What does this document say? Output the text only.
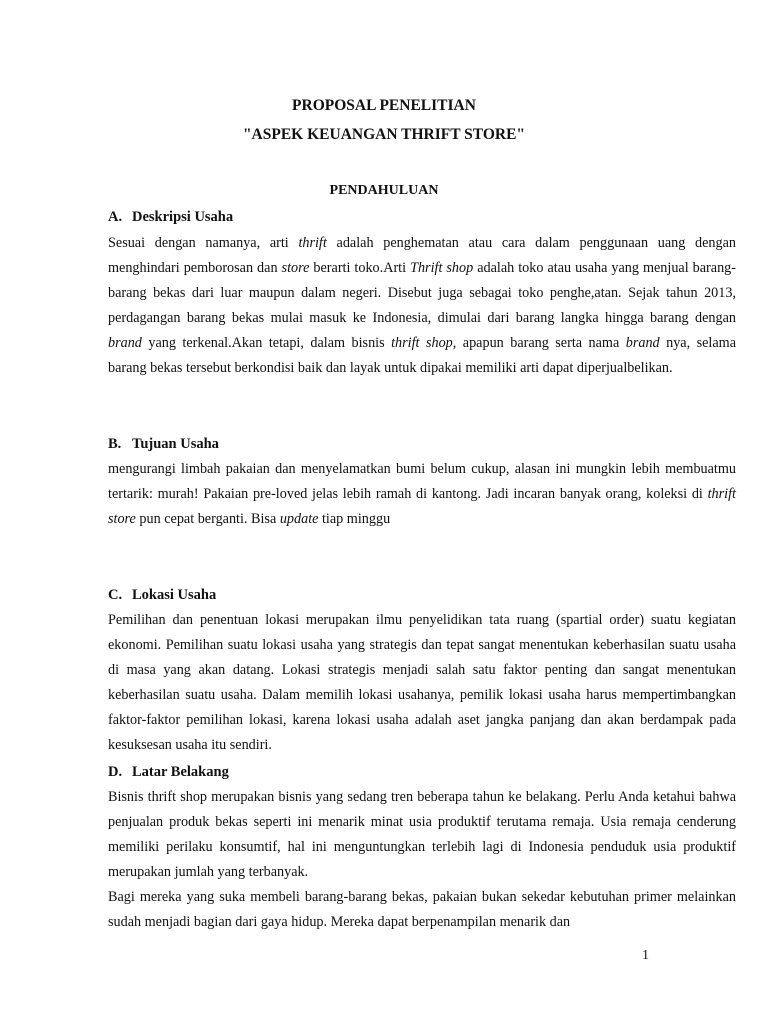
PROPOSAL PENELITIAN
"ASPEK KEUANGAN THRIFT STORE"
PENDAHULUAN
A. Deskripsi Usaha

Sesuai dengan namanya, arti thrift adalah penghematan atau cara dalam penggunaan uang dengan menghindari pemborosan dan store berarti toko.Arti Thrift shop adalah toko atau usaha yang menjual barang-barang bekas dari luar maupun dalam negeri. Disebut juga sebagai toko penghe,atan. Sejak tahun 2013, perdagangan barang bekas mulai masuk ke Indonesia, dimulai dari barang langka hingga barang dengan brand yang terkenal.Akan tetapi, dalam bisnis thrift shop, apapun barang serta nama brand nya, selama barang bekas tersebut berkondisi baik dan layak untuk dipakai memiliki arti dapat diperjualbelikan.

B. Tujuan Usaha

mengurangi limbah pakaian dan menyelamatkan bumi belum cukup, alasan ini mungkin lebih membuatmu tertarik: murah! Pakaian pre-loved jelas lebih ramah di kantong. Jadi incaran banyak orang, koleksi di thrift store pun cepat berganti. Bisa update tiap minggu

C. Lokasi Usaha

Pemilihan dan penentuan lokasi merupakan ilmu penyelidikan tata ruang (spartial order) suatu kegiatan ekonomi. Pemilihan suatu lokasi usaha yang strategis dan tepat sangat menentukan keberhasilan suatu usaha di masa yang akan datang. Lokasi strategis menjadi salah satu faktor penting dan sangat menentukan keberhasilan suatu usaha. Dalam memilih lokasi usahanya, pemilik lokasi usaha harus mempertimbangkan faktor-faktor pemilihan lokasi, karena lokasi usaha adalah aset jangka panjang dan akan berdampak pada kesuksesan usaha itu sendiri.

D. Latar Belakang

Bisnis thrift shop merupakan bisnis yang sedang tren beberapa tahun ke belakang. Perlu Anda ketahui bahwa penjualan produk bekas seperti ini menarik minat usia produktif terutama remaja. Usia remaja cenderung memiliki perilaku konsumtif, hal ini menguntungkan terlebih lagi di Indonesia penduduk usia produktif merupakan jumlah yang terbanyak.

Bagi mereka yang suka membeli barang-barang bekas, pakaian bukan sekedar kebutuhan primer melainkan sudah menjadi bagian dari gaya hidup. Mereka dapat berpenampilan menarik dan

1
